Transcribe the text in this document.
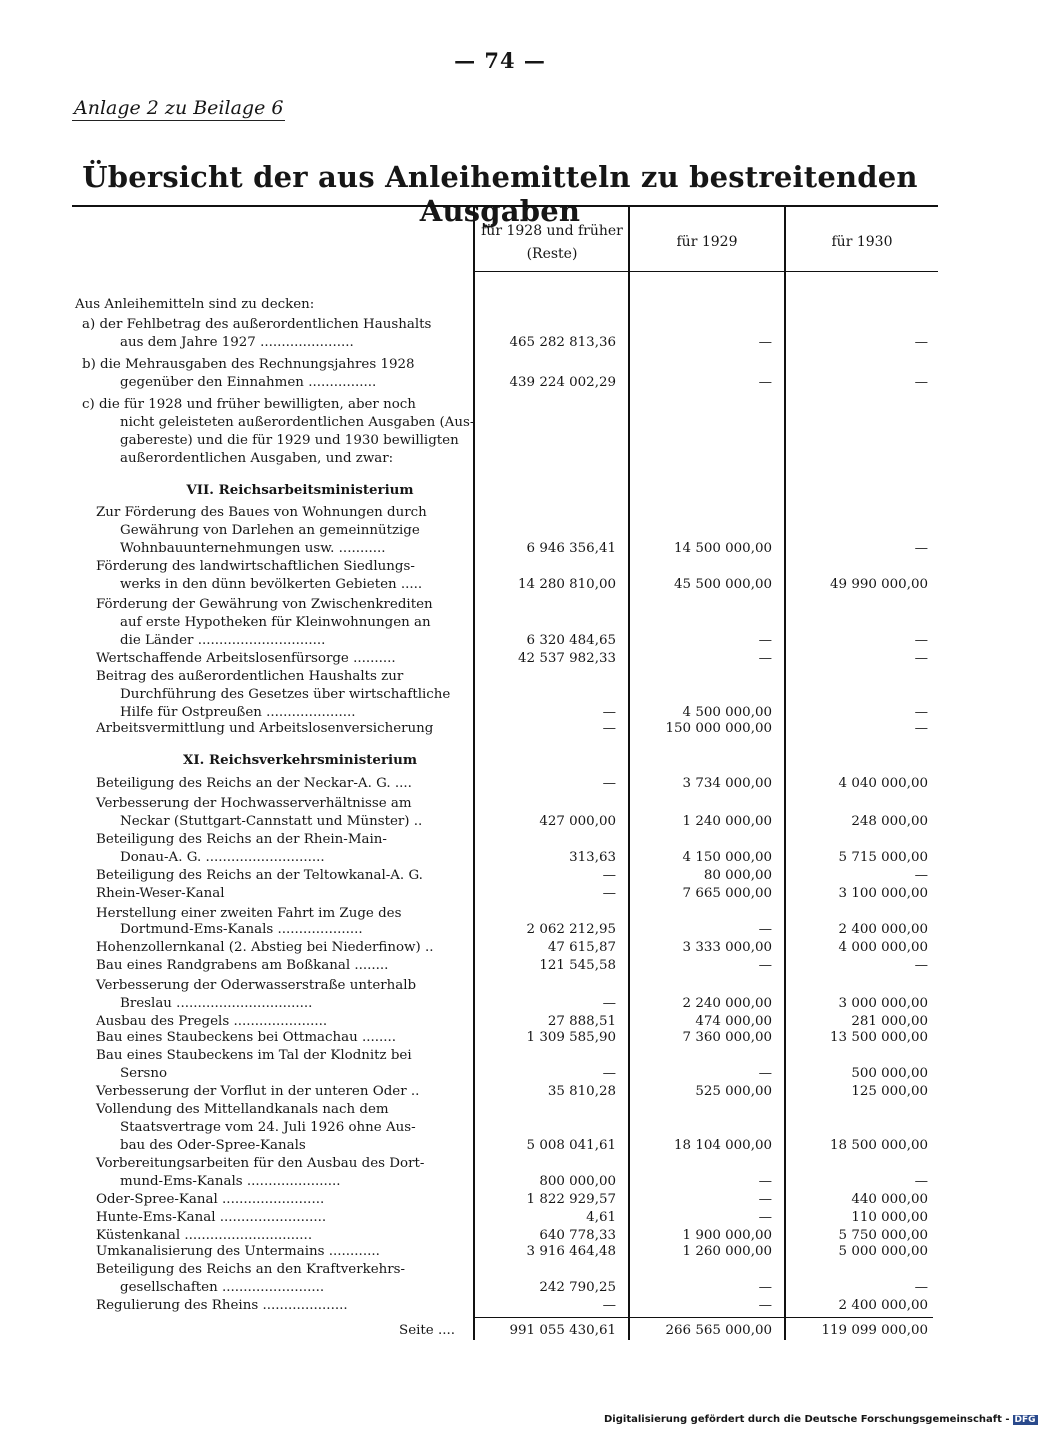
— 74 —
Anlage 2 zu Beilage 6
Übersicht der aus Anleihemitteln zu bestreitenden Ausgaben
für 1928 und früher (Reste)
für 1929	für 1930
Aus Anleihemitteln sind zu decken:
a) der Fehlbetrag des außerordentlichen Haushalts
aus dem Jahre 1927 ......................	465 282 813,36	—	—
b) die Mehrausgaben des Rechnungsjahres 1928
gegenüber den Einnahmen ................	439 224 002,29	—	—
c) die für 1928 und früher bewilligten, aber noch
nicht geleisteten außerordentlichen Ausgaben (Aus-
gabereste) und die für 1929 und 1930 bewilligten
außerordentlichen Ausgaben, und zwar:
VII. Reichsarbeitsministerium
Zur Förderung des Baues von Wohnungen durch
Gewährung von Darlehen an gemeinnützige
Wohnbauunternehmungen usw. ...........	6 946 356,41	14 500 000,00	—
Förderung des landwirtschaftlichen Siedlungs-
werks in den dünn bevölkerten Gebieten .....	14 280 810,00	45 500 000,00	49 990 000,00
Förderung der Gewährung von Zwischenkrediten
auf erste Hypotheken für Kleinwohnungen an
die Länder ..............................	6 320 484,65	—	—
Wertschaffende Arbeitslosenfürsorge ..........	42 537 982,33	—	—
Beitrag des außerordentlichen Haushalts zur
Durchführung des Gesetzes über wirtschaftliche
Hilfe für Ostpreußen .....................	—	4 500 000,00	—
Arbeitsvermittlung und Arbeitslosenversicherung	—	150 000 000,00	—
XI. Reichsverkehrsministerium
Beteiligung des Reichs an der Neckar-A. G. ....	—	3 734 000,00	4 040 000,00
Verbesserung der Hochwasserverhältnisse am
Neckar (Stuttgart-Cannstatt und Münster) ..	427 000,00	1 240 000,00	248 000,00
Beteiligung des Reichs an der Rhein-Main-
Donau-A. G. ............................	313,63	4 150 000,00	5 715 000,00
Beteiligung des Reichs an der Teltowkanal-A. G.	—	80 000,00	—
Rhein-Weser-Kanal	—	7 665 000,00	3 100 000,00
Herstellung einer zweiten Fahrt im Zuge des
Dortmund-Ems-Kanals ....................	2 062 212,95	—	2 400 000,00
Hohenzollernkanal (2. Abstieg bei Niederfinow) ..	47 615,87	3 333 000,00	4 000 000,00
Bau eines Randgrabens am Boßkanal ........	121 545,58	—	—
Verbesserung der Oderwasserstraße unterhalb
Breslau ................................	—	2 240 000,00	3 000 000,00
Ausbau des Pregels ......................	27 888,51	474 000,00	281 000,00
Bau eines Staubeckens bei Ottmachau ........	1 309 585,90	7 360 000,00	13 500 000,00
Bau eines Staubeckens im Tal der Klodnitz bei
Sersno	—	—	500 000,00
Verbesserung der Vorflut in der unteren Oder ..	35 810,28	525 000,00	125 000,00
Vollendung des Mittellandkanals nach dem
Staatsvertrage vom 24. Juli 1926 ohne Aus-
bau des Oder-Spree-Kanals	5 008 041,61	18 104 000,00	18 500 000,00
Vorbereitungsarbeiten für den Ausbau des Dort-
mund-Ems-Kanals ......................	800 000,00	—	—
Oder-Spree-Kanal ........................	1 822 929,57	—	440 000,00
Hunte-Ems-Kanal .........................	4,61	—	110 000,00
Küstenkanal ..............................	640 778,33	1 900 000,00	5 750 000,00
Umkanalisierung des Untermains ............	3 916 464,48	1 260 000,00	5 000 000,00
Beteiligung des Reichs an den Kraftverkehrs-
gesellschaften ........................	242 790,25	—	—
Regulierung des Rheins ....................	—	—	2 400 000,00
Seite ....	991 055 430,61	266 565 000,00	119 099 000,00
Digitalisierung gefördert durch die Deutsche Forschungsgemeinschaft - DFG
